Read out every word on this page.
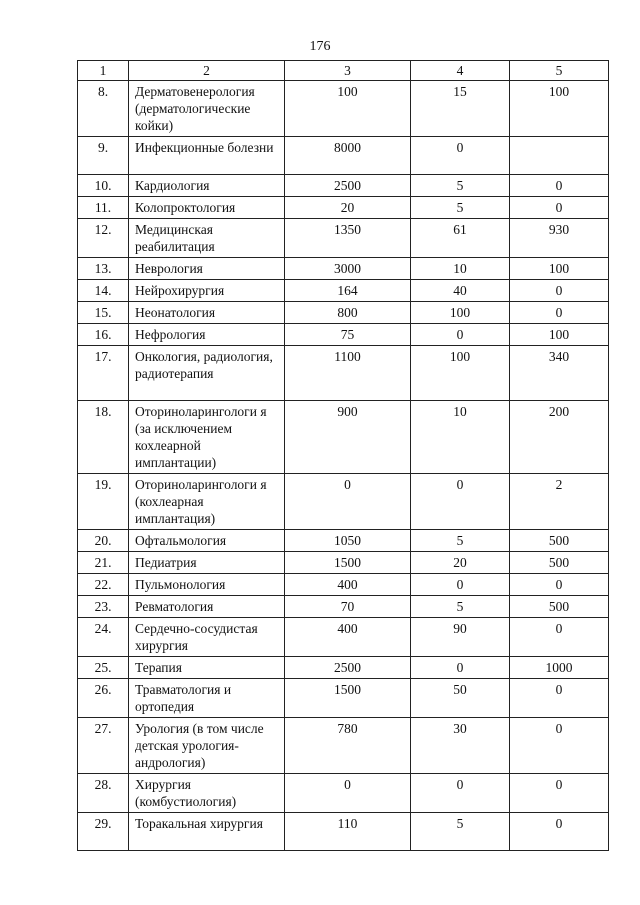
176
1	2	3	4	5
8.	Дерматовенерология (дерматологические койки)	100	15	100
9.	Инфекционные болезни	8000	0	
10.	Кардиология	2500	5	0
11.	Колопроктология	20	5	0
12.	Медицинская реабилитация	1350	61	930
13.	Неврология	3000	10	100
14.	Нейрохирургия	164	40	0
15.	Неонатология	800	100	0
16.	Нефрология	75	0	100
17.	Онкология, радиология, радиотерапия	1100	100	340
18.	Оториноларингологи я (за исключением кохлеарной имплантации)	900	10	200
19.	Оториноларингологи я (кохлеарная имплантация)	0	0	2
20.	Офтальмология	1050	5	500
21.	Педиатрия	1500	20	500
22.	Пульмонология	400	0	0
23.	Ревматология	70	5	500
24.	Сердечно-сосудистая хирургия	400	90	0
25.	Терапия	2500	0	1000
26.	Травматология и ортопедия	1500	50	0
27.	Урология (в том числе детская урология-андрология)	780	30	0
28.	Хирургия (комбустиология)	0	0	0
29.	Торакальная хирургия	110	5	0
